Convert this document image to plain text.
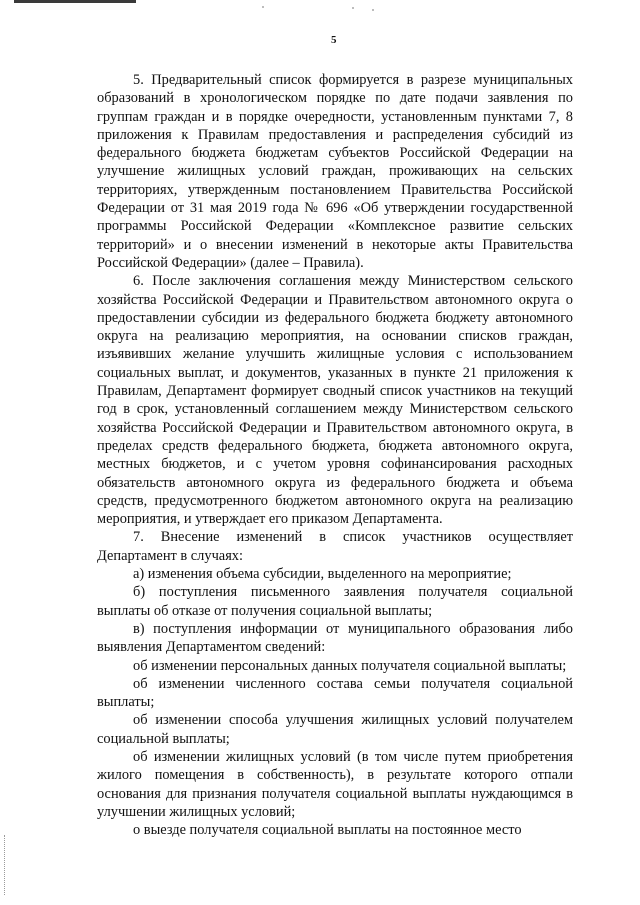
5

5. Предварительный список формируется в разрезе муниципальных образований в хронологическом порядке по дате подачи заявления по группам граждан и в порядке очередности, установленным пунктами 7, 8 приложения к Правилам предоставления и распределения субсидий из федерального бюджета бюджетам субъектов Российской Федерации на улучшение жилищных условий граждан, проживающих на сельских территориях, утвержденным постановлением Правительства Российской Федерации от 31 мая 2019 года № 696 «Об утверждении государственной программы Российской Федерации «Комплексное развитие сельских территорий» и о внесении изменений в некоторые акты Правительства Российской Федерации» (далее – Правила).

6. После заключения соглашения между Министерством сельского хозяйства Российской Федерации и Правительством автономного округа о предоставлении субсидии из федерального бюджета бюджету автономного округа на реализацию мероприятия, на основании списков граждан, изъявивших желание улучшить жилищные условия с использованием социальных выплат, и документов, указанных в пункте 21 приложения к Правилам, Департамент формирует сводный список участников на текущий год в срок, установленный соглашением между Министерством сельского хозяйства Российской Федерации и Правительством автономного округа, в пределах средств федерального бюджета, бюджета автономного округа, местных бюджетов, и с учетом уровня софинансирования расходных обязательств автономного округа из федерального бюджета и объема средств, предусмотренного бюджетом автономного округа на реализацию мероприятия, и утверждает его приказом Департамента.

7. Внесение изменений в список участников осуществляет Департамент в случаях:

а) изменения объема субсидии, выделенного на мероприятие;

б) поступления письменного заявления получателя социальной выплаты об отказе от получения социальной выплаты;

в) поступления информации от муниципального образования либо выявления Департаментом сведений:

об изменении персональных данных получателя социальной выплаты;

об изменении численного состава семьи получателя социальной выплаты;

об изменении способа улучшения жилищных условий получателем социальной выплаты;

об изменении жилищных условий (в том числе путем приобретения жилого помещения в собственность), в результате которого отпали основания для признания получателя социальной выплаты нуждающимся в улучшении жилищных условий;

о выезде получателя социальной выплаты на постоянное место
